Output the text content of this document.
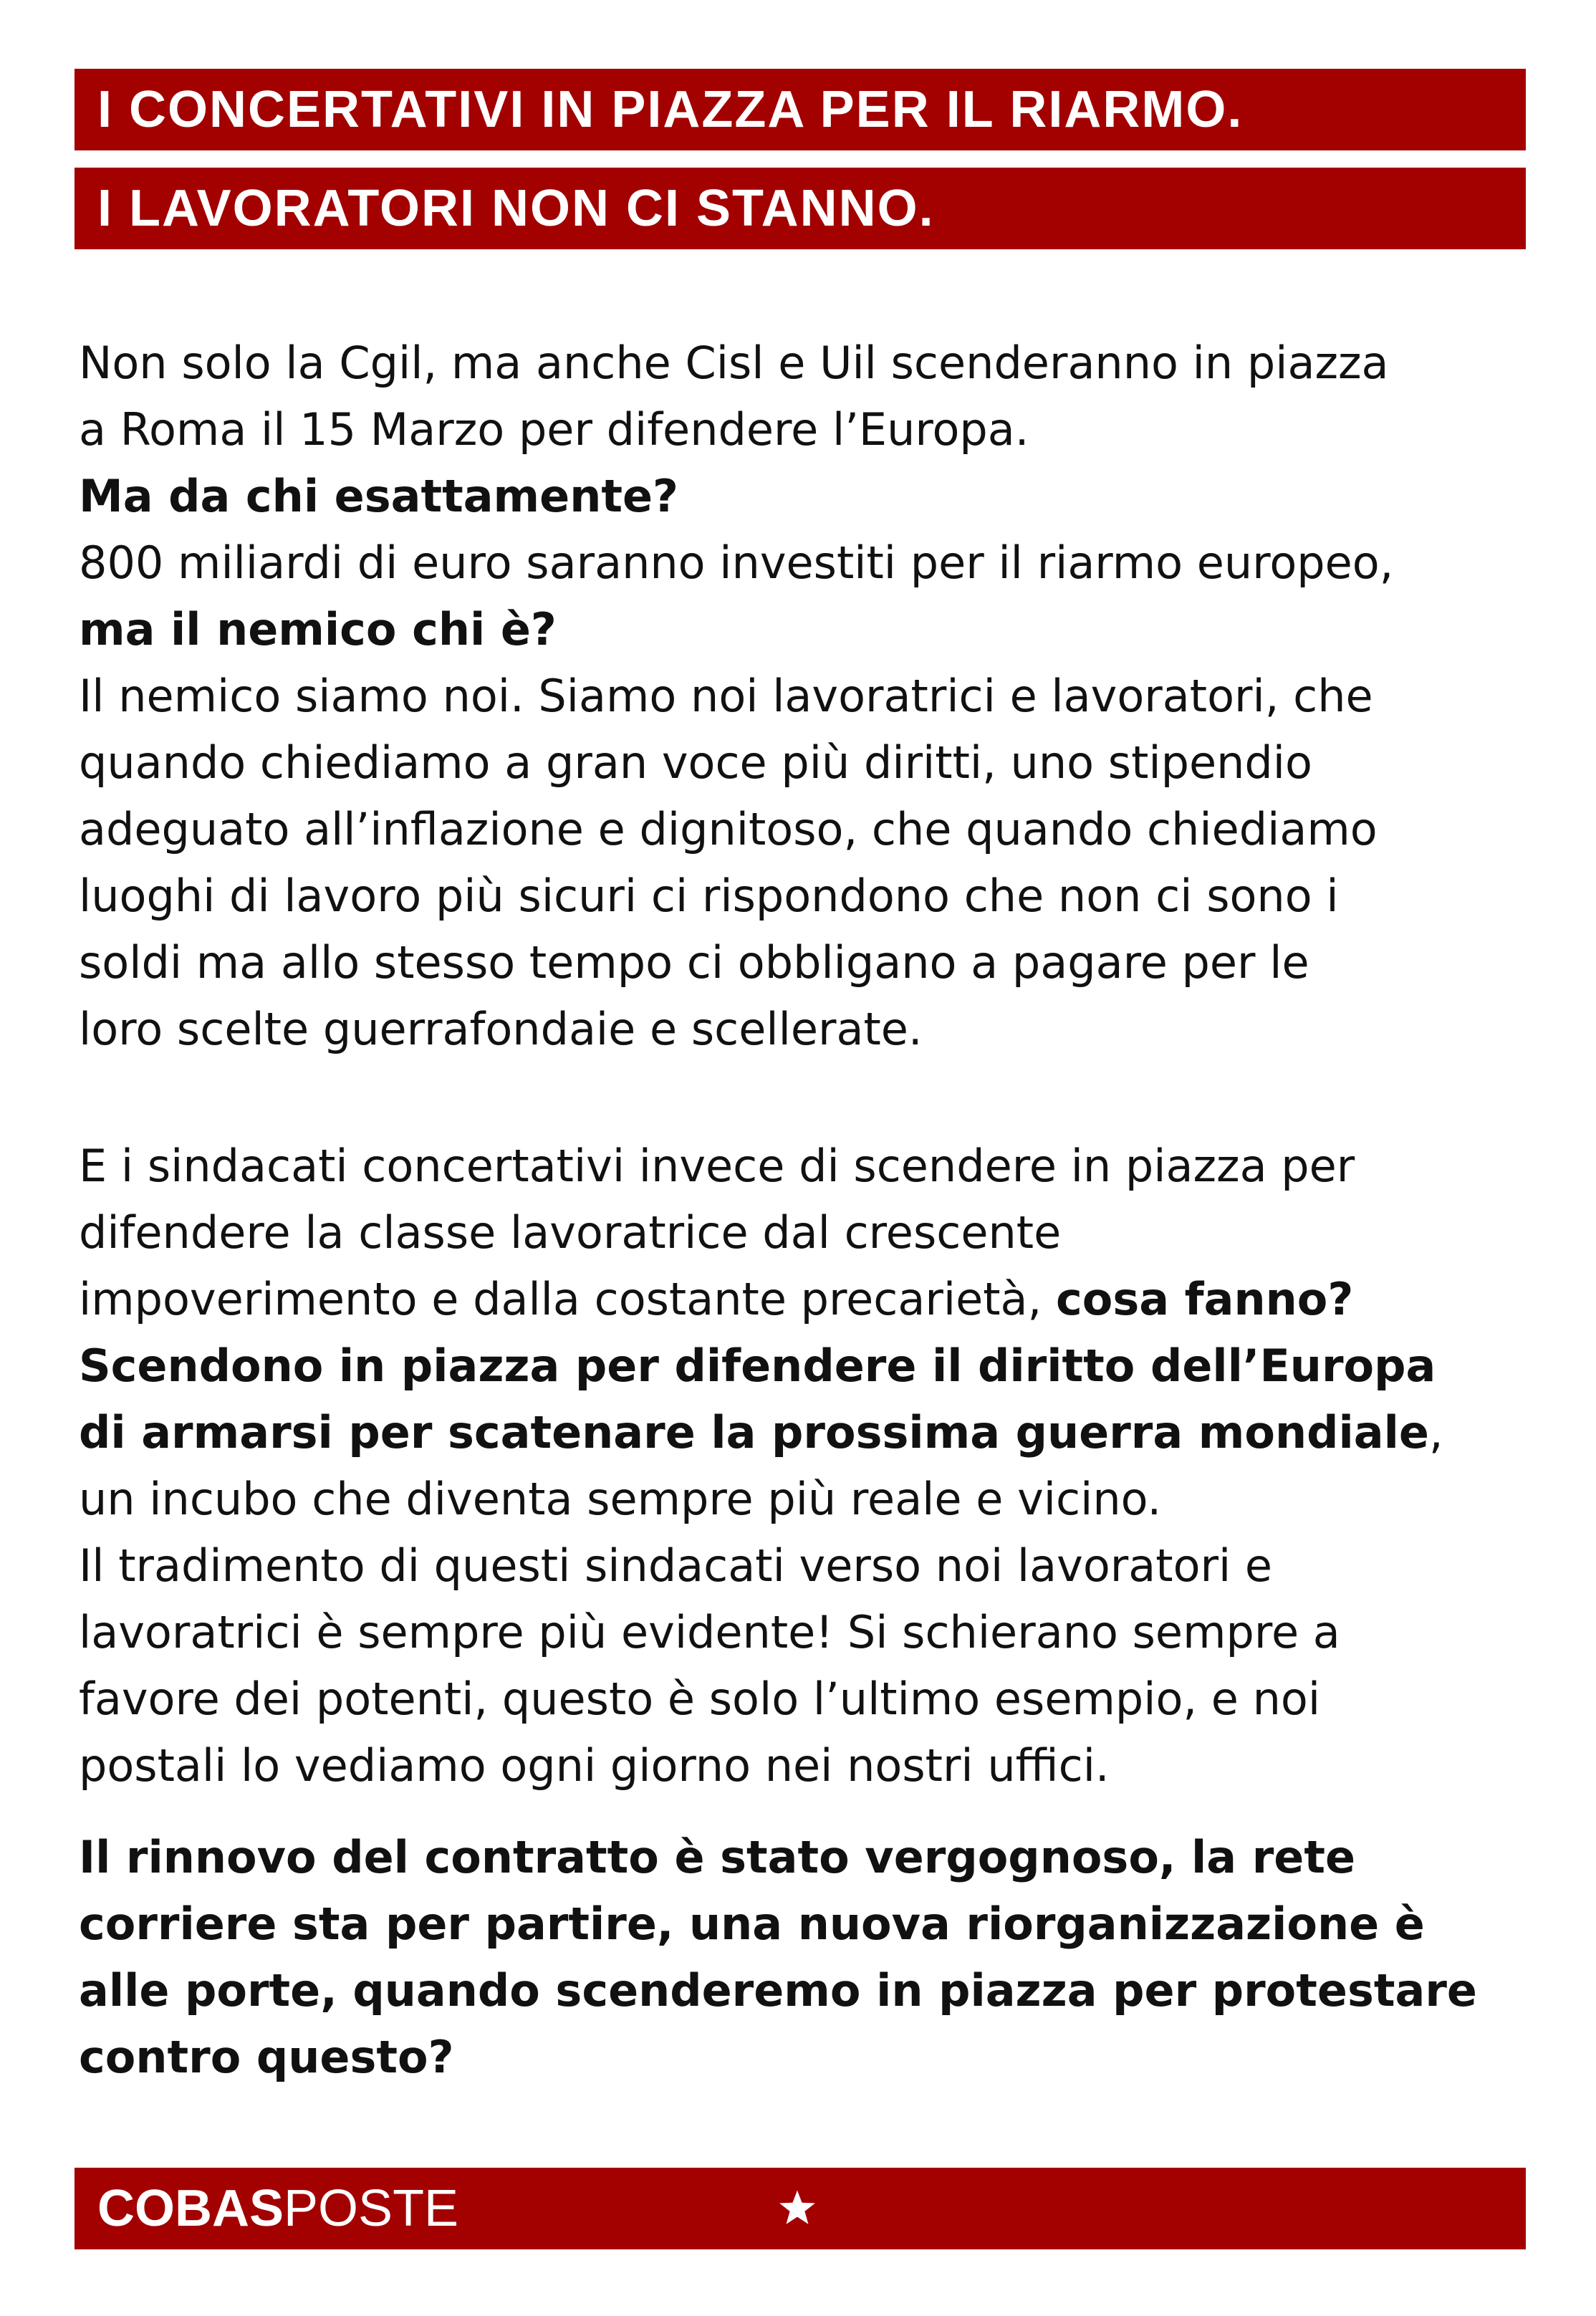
I CONCERTATIVI IN PIAZZA PER IL RIARMO.
I LAVORATORI NON CI STANNO.
Non solo la Cgil, ma anche Cisl e Uil scenderanno in piazza
a Roma il 15 Marzo per difendere l’Europa.
Ma da chi esattamente?
800 miliardi di euro saranno investiti per il riarmo europeo,
ma il nemico chi è?
Il nemico siamo noi. Siamo noi lavoratrici e lavoratori, che
quando chiediamo a gran voce più diritti, uno stipendio
adeguato all’inflazione e dignitoso, che quando chiediamo
luoghi di lavoro più sicuri ci rispondono che non ci sono i
soldi ma allo stesso tempo ci obbligano a pagare per le
loro scelte guerrafondaie e scellerate.
E i sindacati concertativi invece di scendere in piazza per
difendere la classe lavoratrice dal crescente
impoverimento e dalla costante precarietà, cosa fanno?
Scendono in piazza per difendere il diritto dell’Europa
di armarsi per scatenare la prossima guerra mondiale,
un incubo che diventa sempre più reale e vicino.
Il tradimento di questi sindacati verso noi lavoratori e
lavoratrici è sempre più evidente! Si schierano sempre a
favore dei potenti, questo è solo l’ultimo esempio, e noi
postali lo vediamo ogni giorno nei nostri uffici.
Il rinnovo del contratto è stato vergognoso, la rete
corriere sta per partire, una nuova riorganizzazione è
alle porte, quando scenderemo in piazza per protestare
contro questo?
COBASPOSTE
